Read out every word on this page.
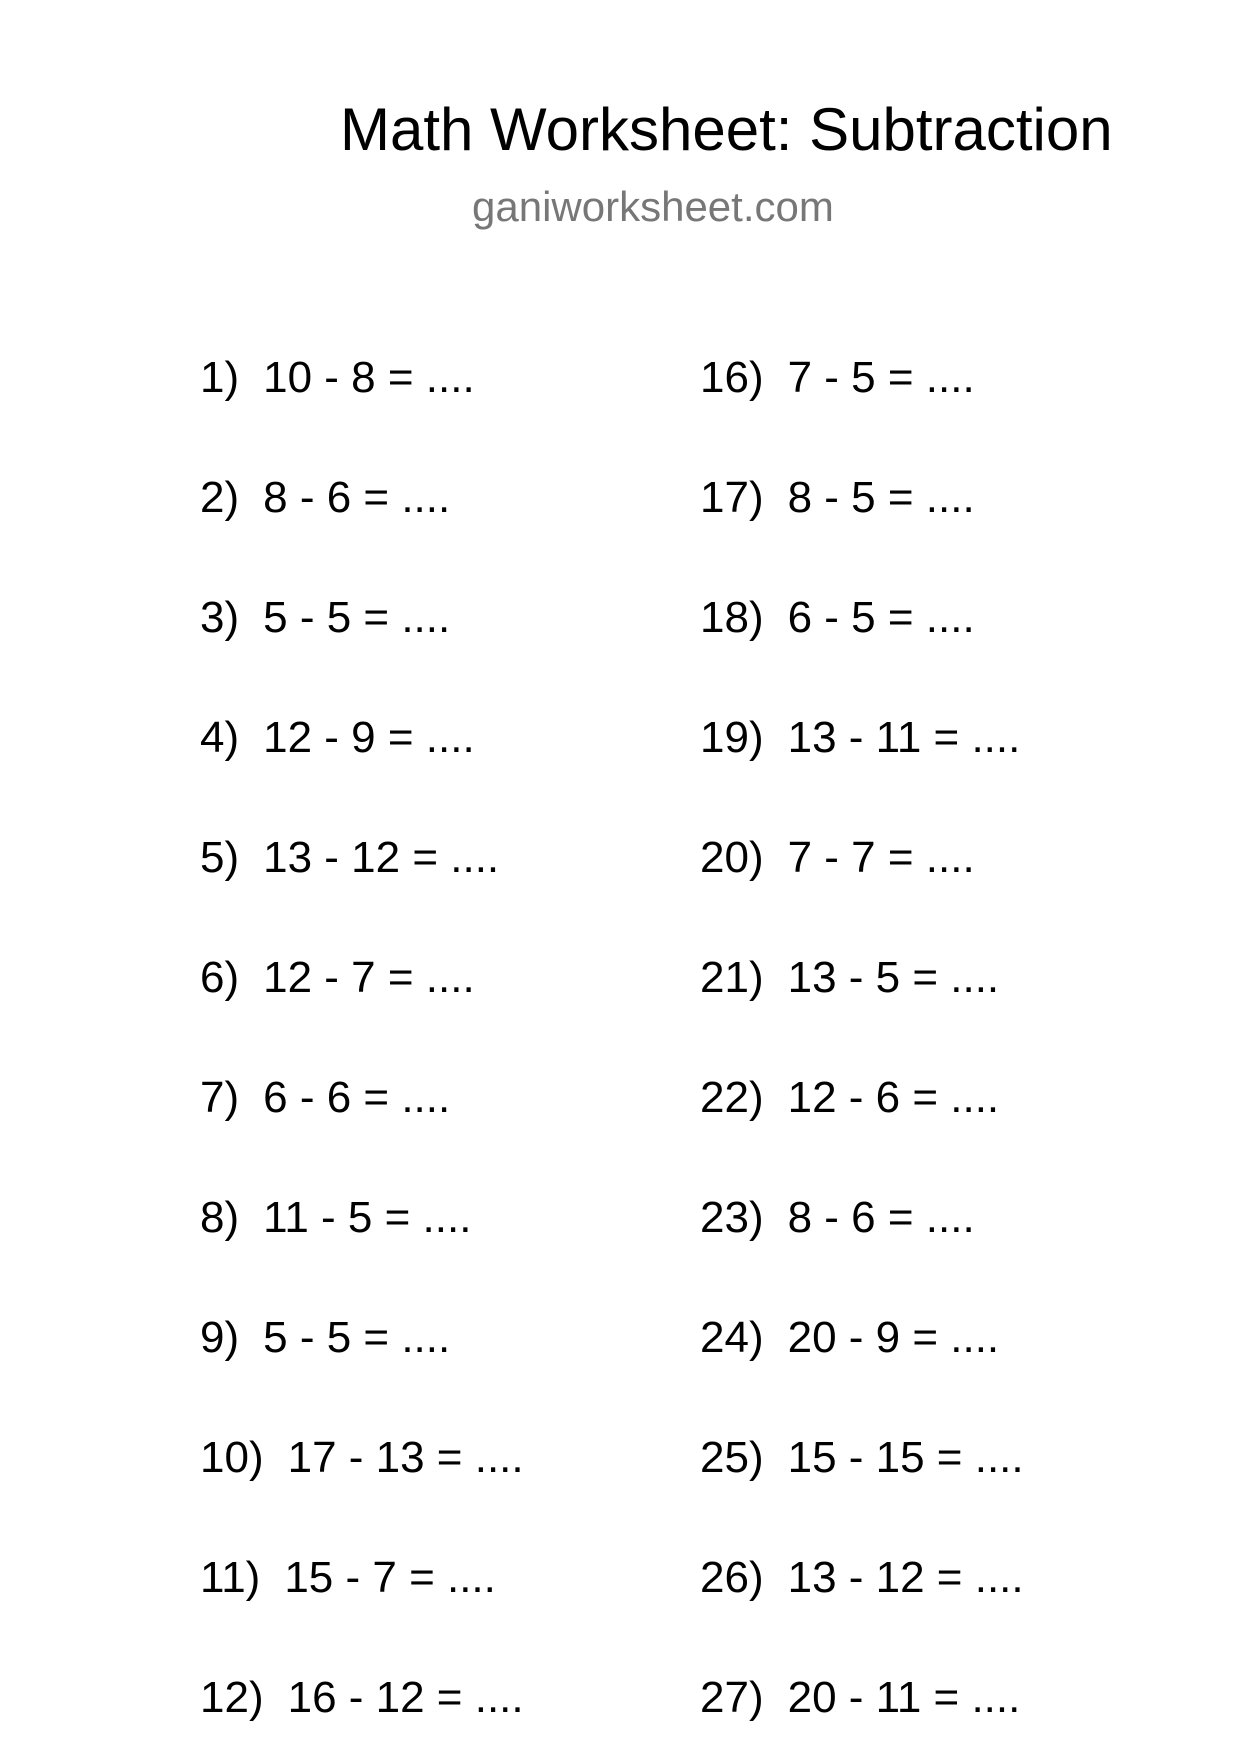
Math Worksheet: Subtraction
ganiworksheet.com
1) 10 - 8 = ....
2) 8 - 6 = ....
3) 5 - 5 = ....
4) 12 - 9 = ....
5) 13 - 12 = ....
6) 12 - 7 = ....
7) 6 - 6 = ....
8) 11 - 5 = ....
9) 5 - 5 = ....
10) 17 - 13 = ....
11) 15 - 7 = ....
12) 16 - 12 = ....
16) 7 - 5 = ....
17) 8 - 5 = ....
18) 6 - 5 = ....
19) 13 - 11 = ....
20) 7 - 7 = ....
21) 13 - 5 = ....
22) 12 - 6 = ....
23) 8 - 6 = ....
24) 20 - 9 = ....
25) 15 - 15 = ....
26) 13 - 12 = ....
27) 20 - 11 = ....
